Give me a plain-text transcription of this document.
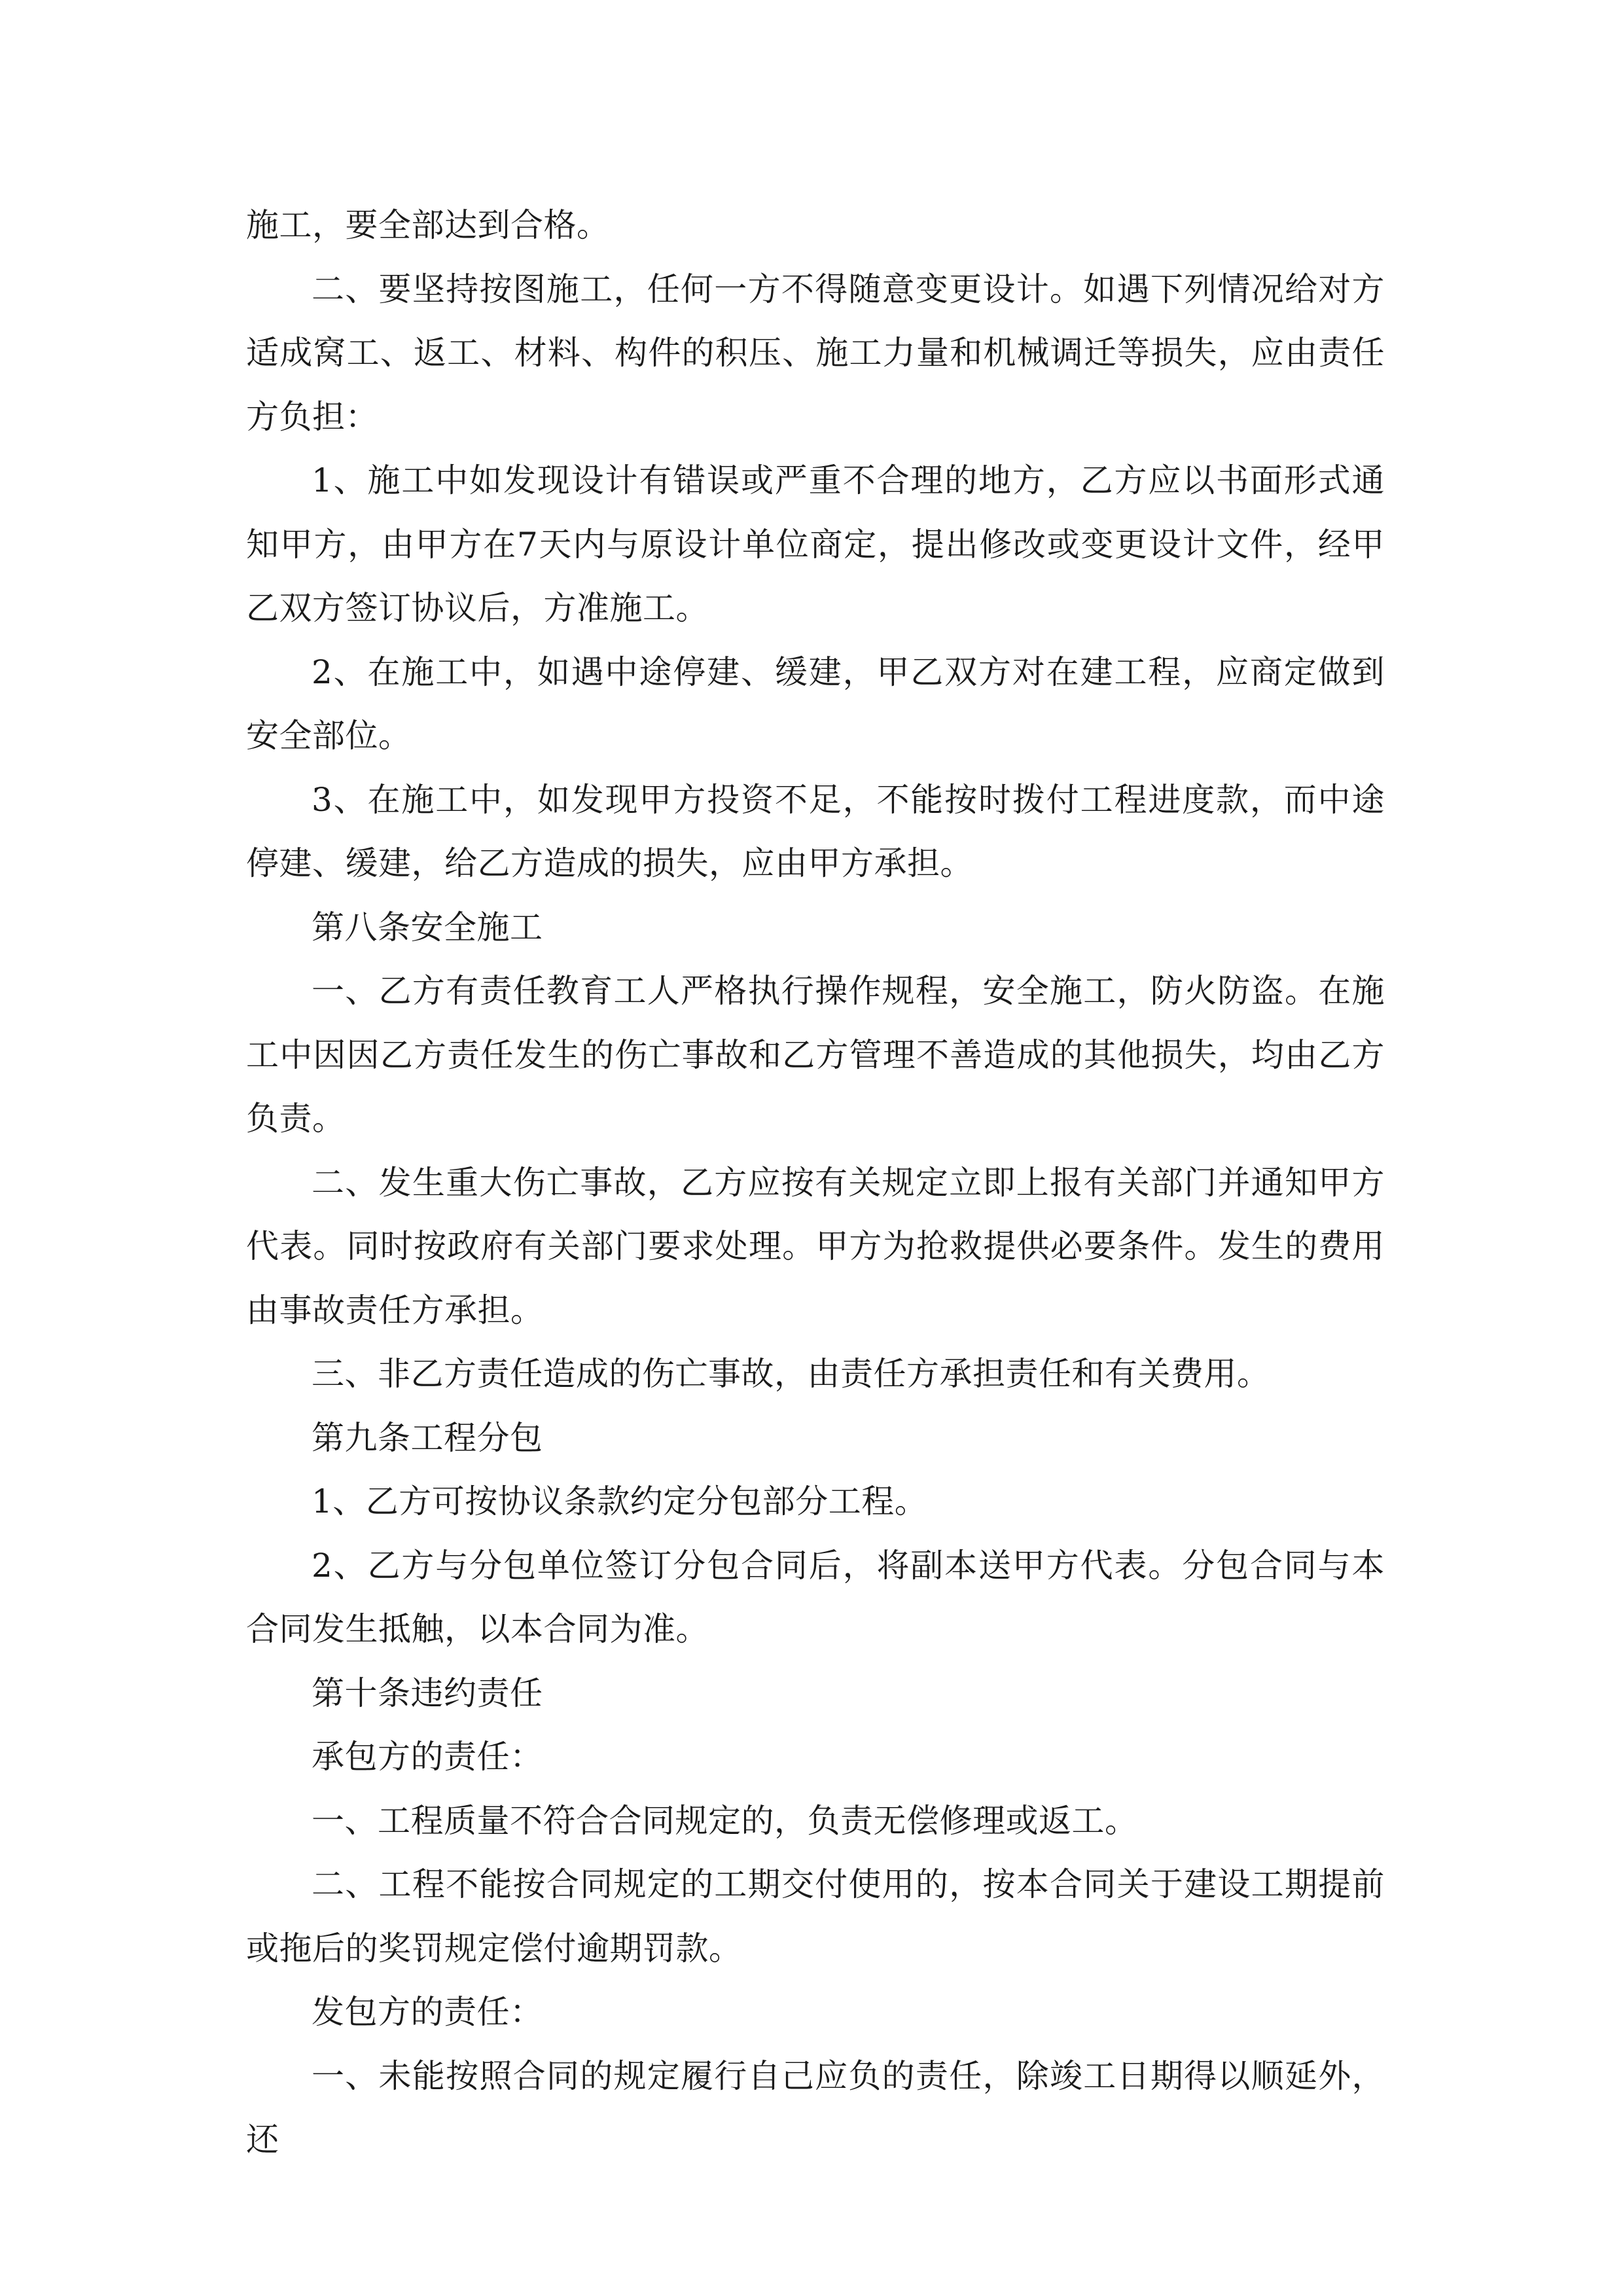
施工，要全部达到合格。

二、要坚持按图施工，任何一方不得随意变更设计。如遇下列情况给对方适成窝工、返工、材料、构件的积压、施工力量和机械调迁等损失，应由责任方负担：

1、施工中如发现设计有错误或严重不合理的地方，乙方应以书面形式通知甲方，由甲方在7天内与原设计单位商定，提出修改或变更设计文件，经甲乙双方签订协议后，方准施工。

2、在施工中，如遇中途停建、缓建，甲乙双方对在建工程，应商定做到安全部位。

3、在施工中，如发现甲方投资不足，不能按时拨付工程进度款，而中途停建、缓建，给乙方造成的损失，应由甲方承担。

第八条安全施工

一、乙方有责任教育工人严格执行操作规程，安全施工，防火防盗。在施工中因因乙方责任发生的伤亡事故和乙方管理不善造成的其他损失，均由乙方负责。

二、发生重大伤亡事故，乙方应按有关规定立即上报有关部门并通知甲方代表。同时按政府有关部门要求处理。甲方为抢救提供必要条件。发生的费用由事故责任方承担。

三、非乙方责任造成的伤亡事故，由责任方承担责任和有关费用。

第九条工程分包

1、乙方可按协议条款约定分包部分工程。

2、乙方与分包单位签订分包合同后，将副本送甲方代表。分包合同与本合同发生抵触，以本合同为准。

第十条违约责任

承包方的责任：

一、工程质量不符合合同规定的，负责无偿修理或返工。

二、工程不能按合同规定的工期交付使用的，按本合同关于建设工期提前或拖后的奖罚规定偿付逾期罚款。

发包方的责任：

一、未能按照合同的规定履行自己应负的责任，除竣工日期得以顺延外，还
